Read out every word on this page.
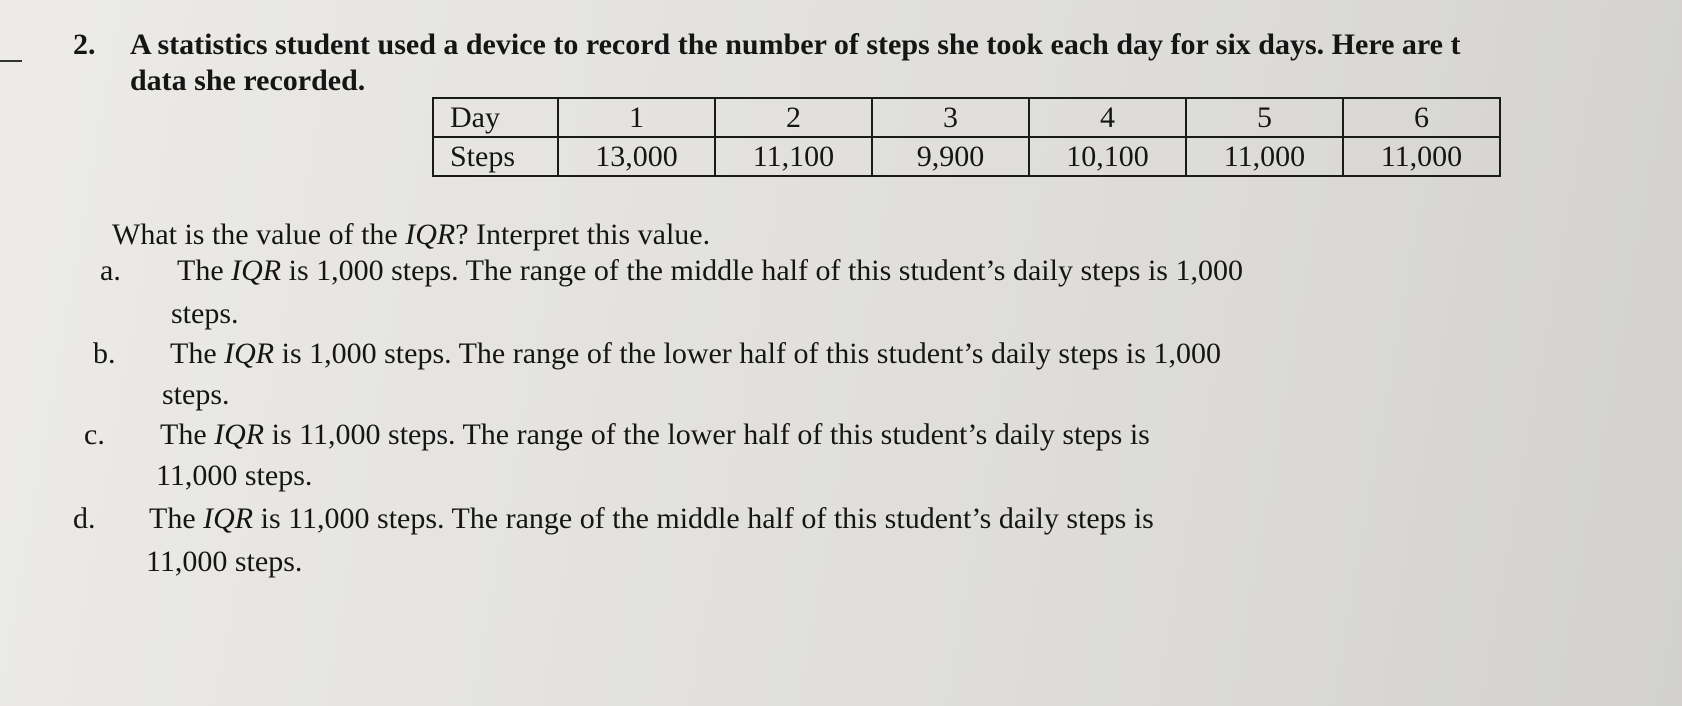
2. A statistics student used a device to record the number of steps she took each day for six days. Here are t
data she recorded.
Day	1	2	3	4	5	6
Steps	13,000	11,100	9,900	10,100	11,000	11,000
What is the value of the IQR? Interpret this value.
a. The IQR is 1,000 steps. The range of the middle half of this student’s daily steps is 1,000
steps.
b. The IQR is 1,000 steps. The range of the lower half of this student’s daily steps is 1,000
steps.
c. The IQR is 11,000 steps. The range of the lower half of this student’s daily steps is
11,000 steps.
d. The IQR is 11,000 steps. The range of the middle half of this student’s daily steps is
11,000 steps.
